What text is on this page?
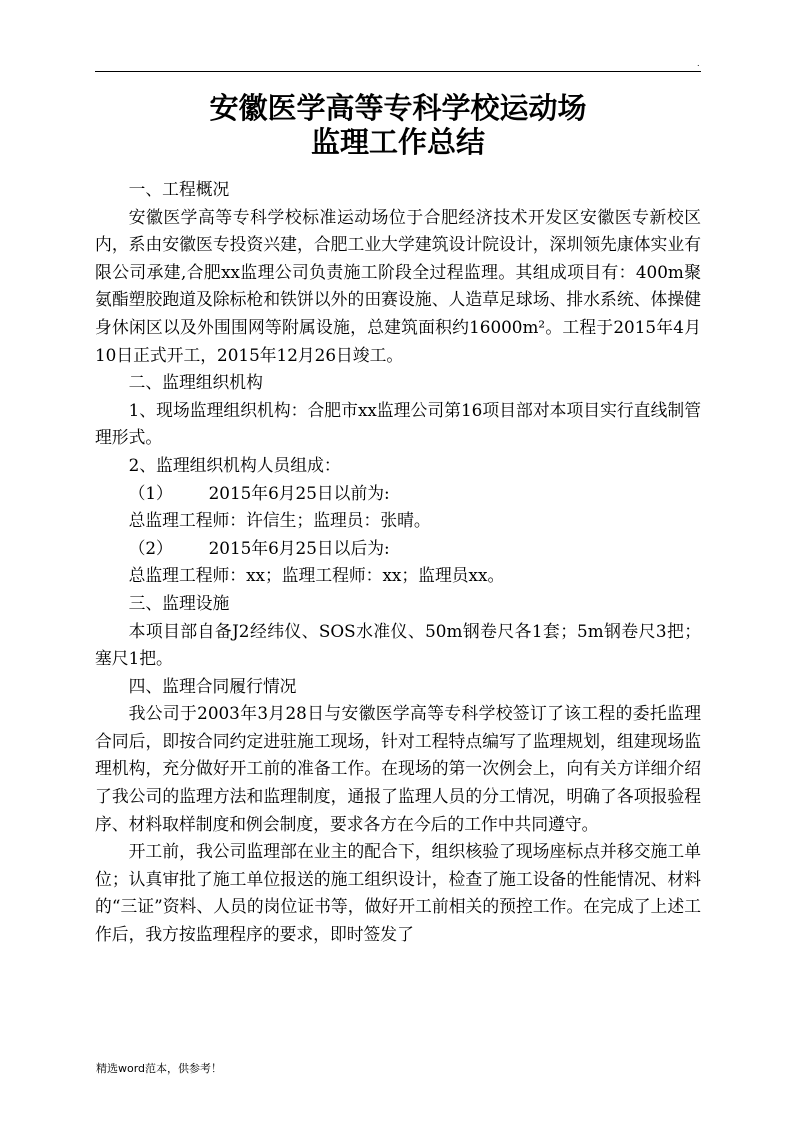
.
安徽医学高等专科学校运动场
监理工作总结

一、工程概况

安徽医学高等专科学校标准运动场位于合肥经济技术开发区安徽医专新校区内，系由安徽医专投资兴建，合肥工业大学建筑设计院设计，深圳领先康体实业有限公司承建,合肥xx监理公司负责施工阶段全过程监理。其组成项目有：400m聚氨酯塑胶跑道及除标枪和铁饼以外的田赛设施、人造草足球场、排水系统、体操健身休闲区以及外围围网等附属设施，总建筑面积约16000m²。工程于2015年4月10日正式开工，2015年12月26日竣工。

二、监理组织机构

1、现场监理组织机构：合肥市xx监理公司第16项目部对本项目实行直线制管理形式。

2、监理组织机构人员组成：

（1） 2015年6月25日以前为:

总监理工程师：许信生；监理员：张晴。

（2） 2015年6月25日以后为:

总监理工程师：xx；监理工程师：xx；监理员xx。

三、监理设施

本项目部自备J2经纬仪、SOS水准仪、50m钢卷尺各1套；5m钢卷尺3把；塞尺1把。

四、监理合同履行情况

我公司于2003年3月28日与安徽医学高等专科学校签订了该工程的委托监理合同后，即按合同约定进驻施工现场，针对工程特点编写了监理规划，组建现场监理机构，充分做好开工前的准备工作。在现场的第一次例会上，向有关方详细介绍了我公司的监理方法和监理制度，通报了监理人员的分工情况，明确了各项报验程序、材料取样制度和例会制度，要求各方在今后的工作中共同遵守。

开工前，我公司监理部在业主的配合下，组织核验了现场座标点并移交施工单位；认真审批了施工单位报送的施工组织设计，检查了施工设备的性能情况、材料的“三证”资料、人员的岗位证书等，做好开工前相关的预控工作。在完成了上述工作后，我方按监理程序的要求，即时签发了

精选word范本，供参考！
